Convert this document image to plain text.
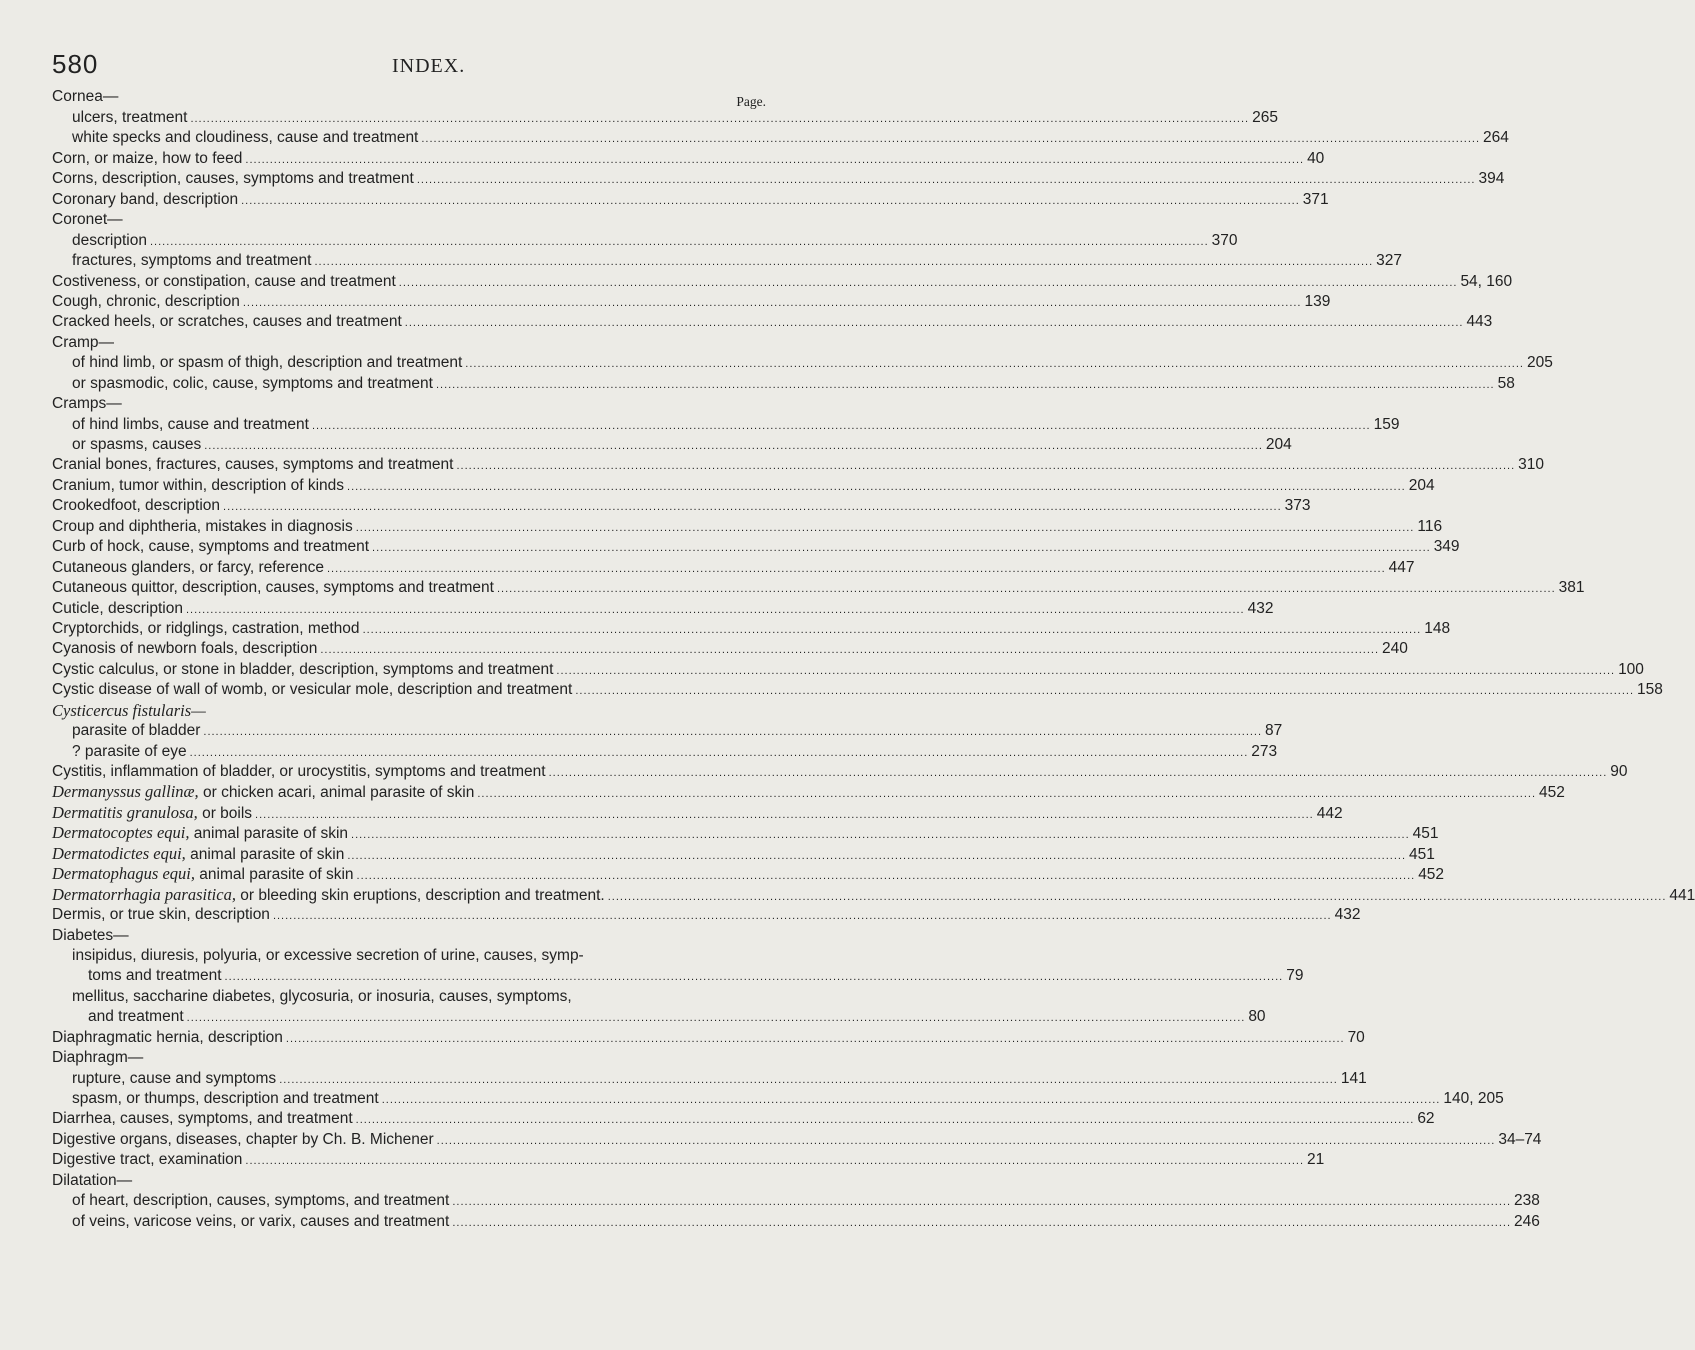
580	INDEX.
Cornea—	Page.
ulcers, treatment .....	265
white specks and cloudiness, cause and treatment .....	264
Corn, or maize, how to feed .....	40
Corns, description, causes, symptoms and treatment .....	394
Coronary band, description .....	371
Coronet—
description .....	370
fractures, symptoms and treatment .....	327
Costiveness, or constipation, cause and treatment .....	54, 160
Cough, chronic, description .....	139
Cracked heels, or scratches, causes and treatment .....	443
Cramp—
of hind limb, or spasm of thigh, description and treatment .....	205
or spasmodic, colic, cause, symptoms and treatment .....	58
Cramps—
of hind limbs, cause and treatment .....	159
or spasms, causes .....	204
Cranial bones, fractures, causes, symptoms and treatment .....	310
Cranium, tumor within, description of kinds .....	204
Crookedfoot, description .....	373
Croup and diphtheria, mistakes in diagnosis .....	116
Curb of hock, cause, symptoms and treatment .....	349
Cutaneous glanders, or farcy, reference .....	447
Cutaneous quittor, description, causes, symptoms and treatment .....	381
Cuticle, description .....	432
Cryptorchids, or ridglings, castration, method .....	148
Cyanosis of newborn foals, description .....	240
Cystic calculus, or stone in bladder, description, symptoms and treatment .....	100
Cystic disease of wall of womb, or vesicular mole, description and treatment .....	158
Cysticercus fistularis—
parasite of bladder .....	87
? parasite of eye .....	273
Cystitis, inflammation of bladder, or urocystitis, symptoms and treatment .....	90
Dermanyssus gallinæ, or chicken acari, animal parasite of skin .....	452
Dermatitis granulosa, or boils .....	442
Dermatocoptes equi, animal parasite of skin .....	451
Dermatodictes equi, animal parasite of skin .....	451
Dermatophagus equi, animal parasite of skin .....	452
Dermatorrhagia parasitica, or bleeding skin eruptions, description and treatment. .....	441
Dermis, or true skin, description .....	432
Diabetes—
insipidus, diuresis, polyuria, or excessive secretion of urine, causes, symp-
toms and treatment .....	79
mellitus, saccharine diabetes, glycosuria, or inosuria, causes, symptoms,
and treatment .....	80
Diaphragmatic hernia, description .....	70
Diaphragm—
rupture, cause and symptoms .....	141
spasm, or thumps, description and treatment .....	140, 205
Diarrhea, causes, symptoms, and treatment .....	62
Digestive organs, diseases, chapter by Ch. B. Michener .....	34–74
Digestive tract, examination .....	21
Dilatation—
of heart, description, causes, symptoms, and treatment .....	238
of veins, varicose veins, or varix, causes and treatment .....	246
